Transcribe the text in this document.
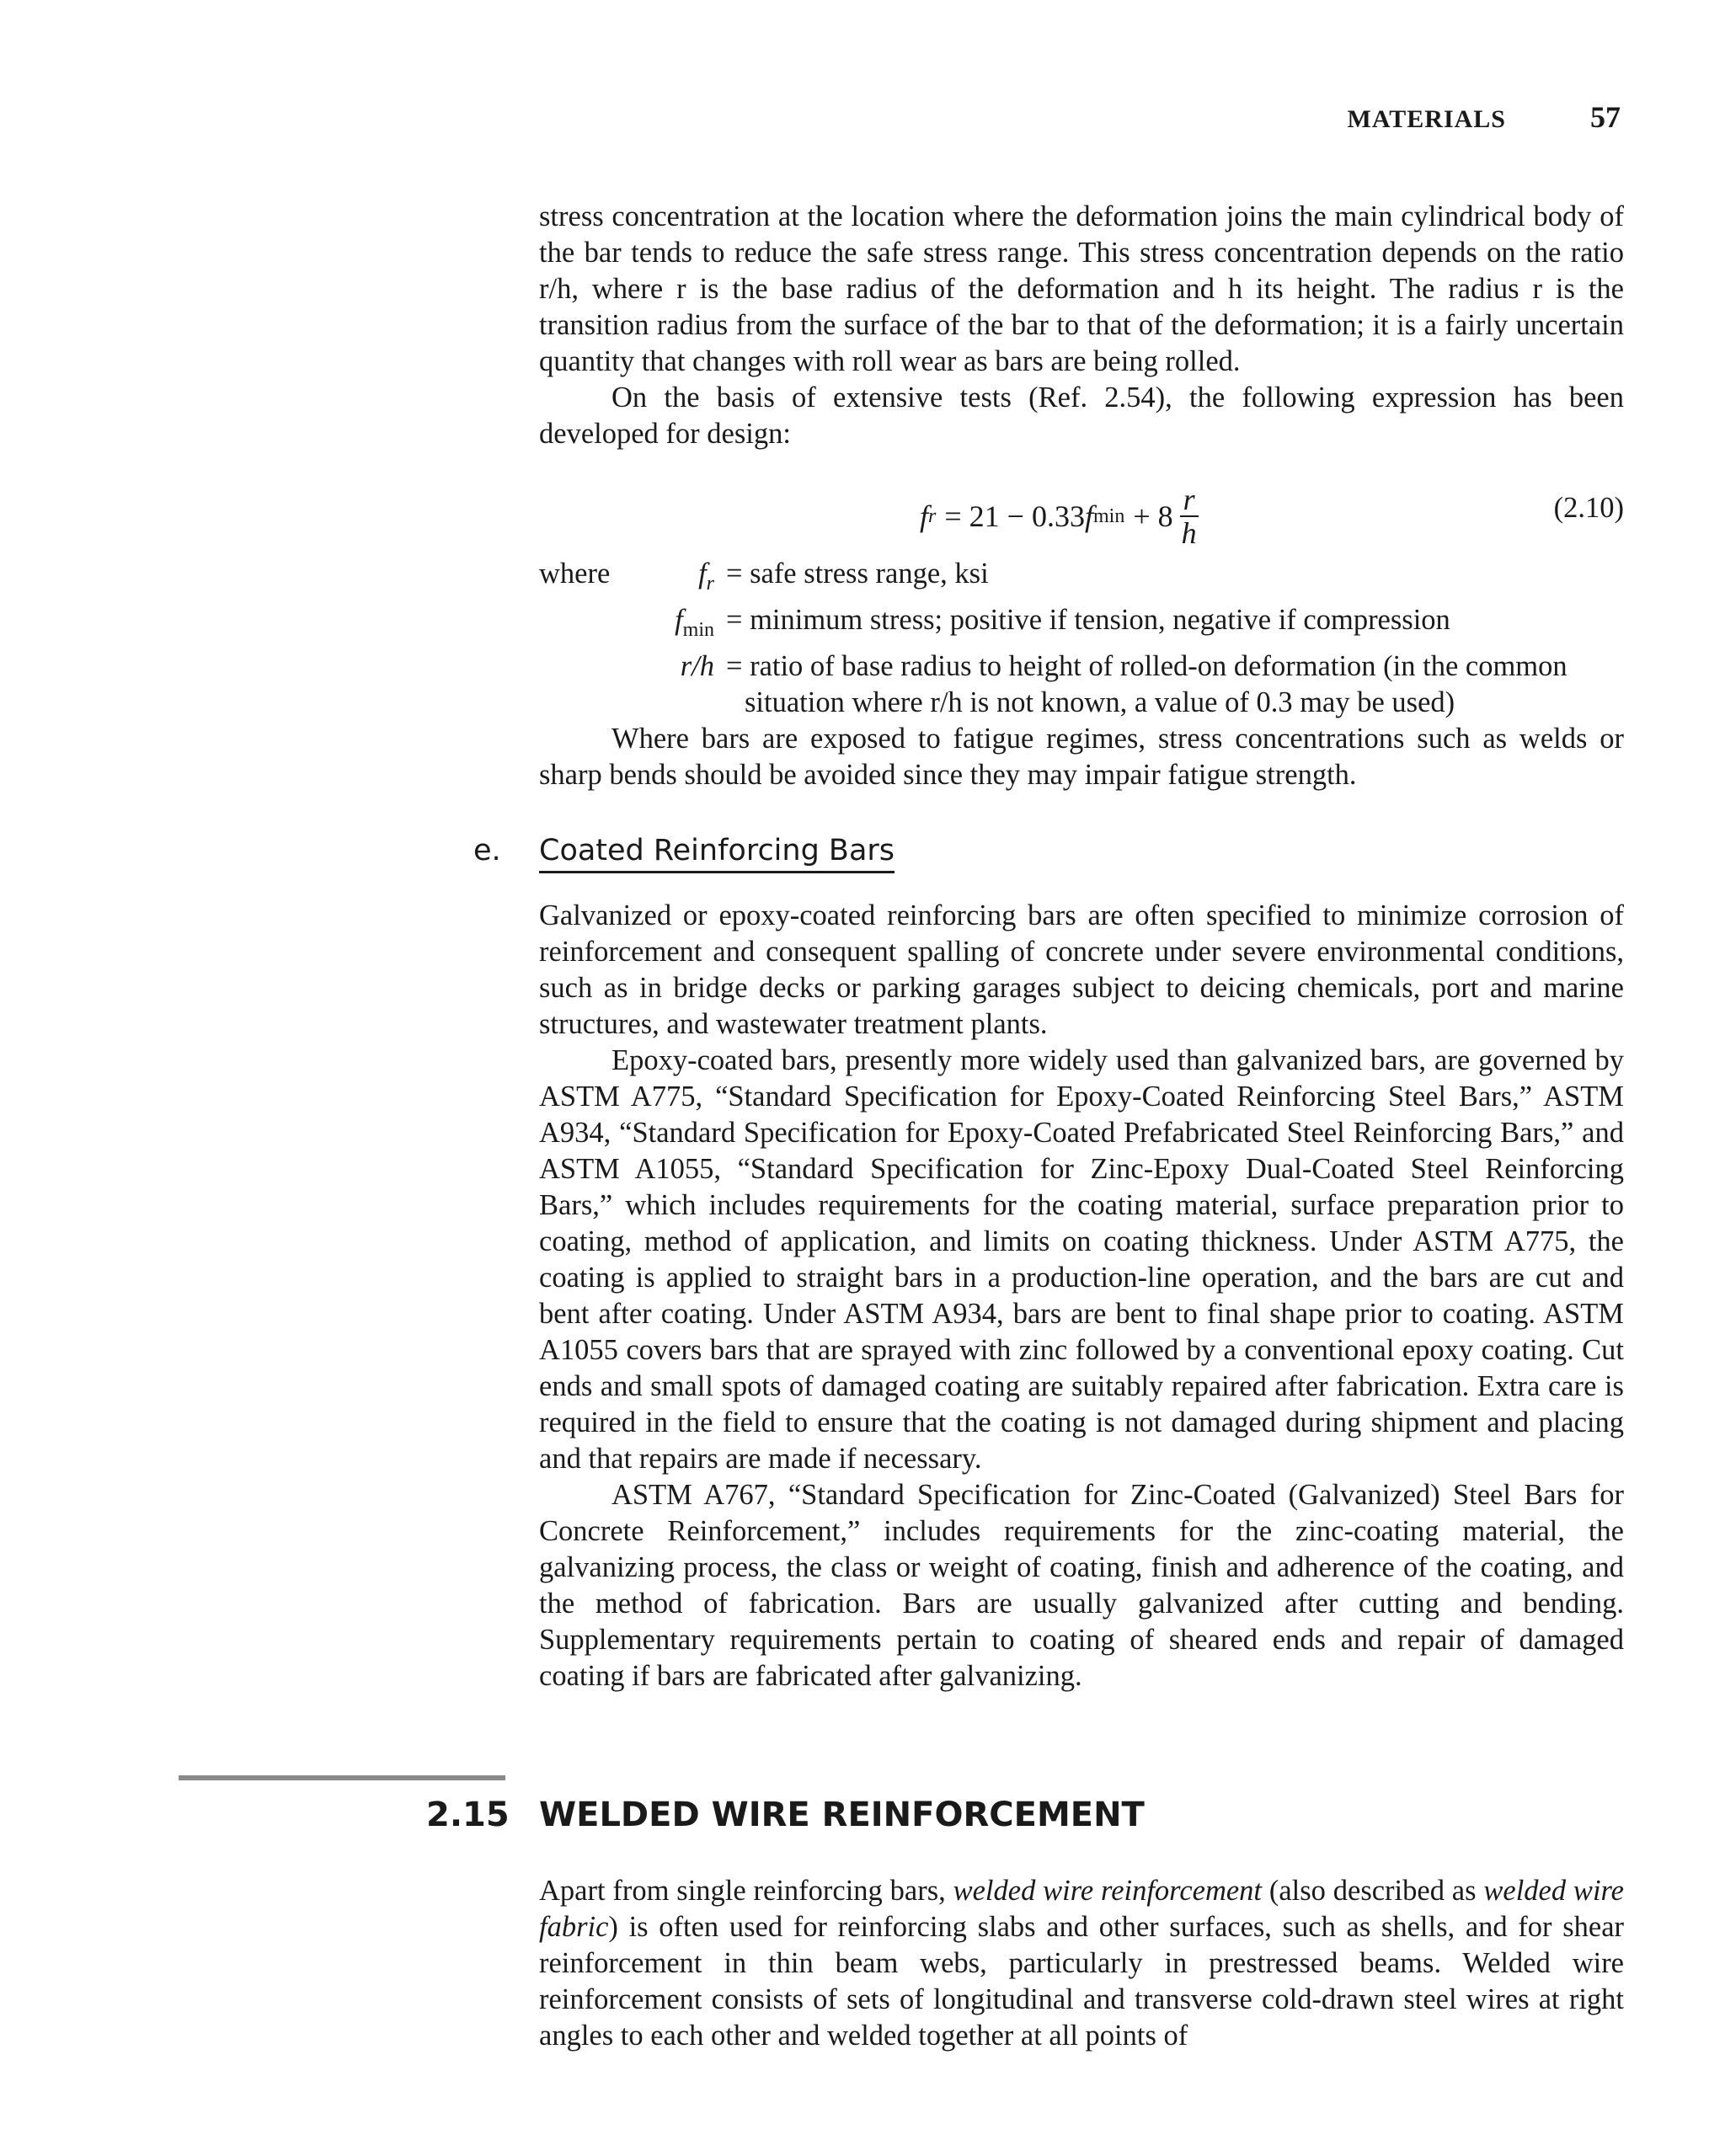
MATERIALS	57

stress concentration at the location where the deformation joins the main cylindrical body of the bar tends to reduce the safe stress range. This stress concentration depends on the ratio r/h, where r is the base radius of the deformation and h its height. The radius r is the transition radius from the surface of the bar to that of the deformation; it is a fairly uncertain quantity that changes with roll wear as bars are being rolled.

On the basis of extensive tests (Ref. 2.54), the following expression has been developed for design:

f r = 21 − 0.33 f $\min + 8 \frac{r}{h}$	(2.10)
where	$f_r$ = safe stress range, ksi
$f_{min}$ = minimum stress; positive if tension, negative if compression
r/h = ratio of base radius to height of rolled-on deformation (in the common
situation where r/h is not known, a value of 0.3 may be used)

Where bars are exposed to fatigue regimes, stress concentrations such as welds or sharp bends should be avoided since they may impair fatigue strength.

e. Coated Reinforcing Bars

Galvanized or epoxy-coated reinforcing bars are often specified to minimize corrosion of reinforcement and consequent spalling of concrete under severe environmental conditions, such as in bridge decks or parking garages subject to deicing chemicals, port and marine structures, and wastewater treatment plants.

Epoxy-coated bars, presently more widely used than galvanized bars, are governed by ASTM A775, “Standard Specification for Epoxy-Coated Reinforcing Steel Bars,” ASTM A934, “Standard Specification for Epoxy-Coated Prefabricated Steel Reinforcing Bars,” and ASTM A1055, “Standard Specification for Zinc-Epoxy Dual-Coated Steel Reinforcing Bars,” which includes requirements for the coating material, surface preparation prior to coating, method of application, and limits on coating thickness. Under ASTM A775, the coating is applied to straight bars in a production-line operation, and the bars are cut and bent after coating. Under ASTM A934, bars are bent to final shape prior to coating. ASTM A1055 covers bars that are sprayed with zinc followed by a conventional epoxy coating. Cut ends and small spots of damaged coating are suitably repaired after fabrication. Extra care is required in the field to ensure that the coating is not damaged during shipment and placing and that repairs are made if necessary.

ASTM A767, “Standard Specification for Zinc-Coated (Galvanized) Steel Bars for Concrete Reinforcement,” includes requirements for the zinc-coating material, the galvanizing process, the class or weight of coating, finish and adherence of the coating, and the method of fabrication. Bars are usually galvanized after cutting and bending. Supplementary requirements pertain to coating of sheared ends and repair of damaged coating if bars are fabricated after galvanizing.

2.15 WELDED WIRE REINFORCEMENT

Apart from single reinforcing bars, welded wire reinforcement (also described as welded wire fabric) is often used for reinforcing slabs and other surfaces, such as shells, and for shear reinforcement in thin beam webs, particularly in prestressed beams. Welded wire reinforcement consists of sets of longitudinal and transverse cold-drawn steel wires at right angles to each other and welded together at all points of
